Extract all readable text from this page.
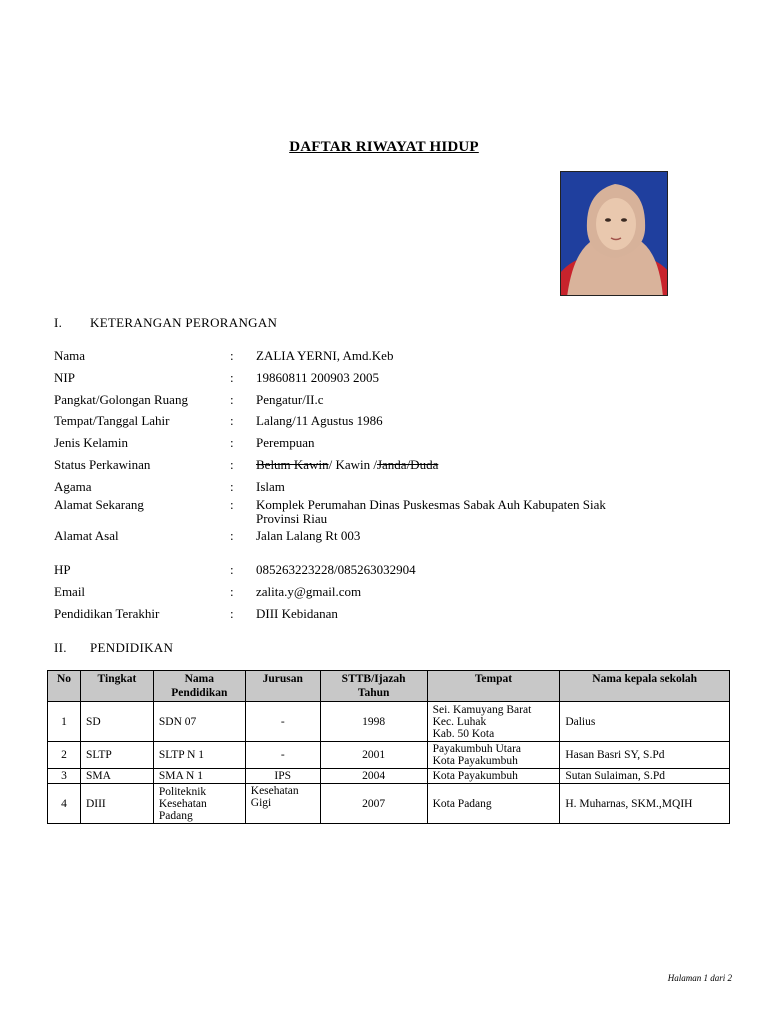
DAFTAR RIWAYAT HIDUP
I. KETERANGAN PERORANGAN
Nama	: ZALIA YERNI, Amd.Keb
NIP	: 19860811 200903 2005
Pangkat/Golongan Ruang	: Pengatur/II.c
Tempat/Tanggal Lahir	: Lalang/11 Agustus 1986
Jenis Kelamin	: Perempuan
Status Perkawinan	: Belum Kawin/ Kawin /Janda/Duda
Agama	: Islam
Alamat Sekarang	: Komplek Perumahan Dinas Puskesmas Sabak Auh Kabupaten Siak
Provinsi Riau
Alamat Asal	: Jalan Lalang Rt 003
HP	: 085263223228/085263032904
Email	: zalita.y@gmail.com
Pendidikan Terakhir	: DIII Kebidanan
II. PENDIDIKAN
No	Tingkat	Nama Pendidikan	Jurusan	STTB/Ijazah Tahun	Tempat	Nama kepala sekolah
1	SD	SDN 07	-	1998	Sei. Kamuyang Barat
Kec. Luhak
Kab. 50 Kota	Dalius
2	SLTP	SLTP N 1	-	2001	Payakumbuh Utara
Kota Payakumbuh	Hasan Basri SY, S.Pd
3	SMA	SMA N 1	IPS	2004	Kota Payakumbuh	Sutan Sulaiman, S.Pd
4	DIII	Politeknik Kesehatan Padang	Kesehatan Gigi	2007	Kota Padang	H. Muharnas, SKM.,MQIH
Halaman 1 dari 2
